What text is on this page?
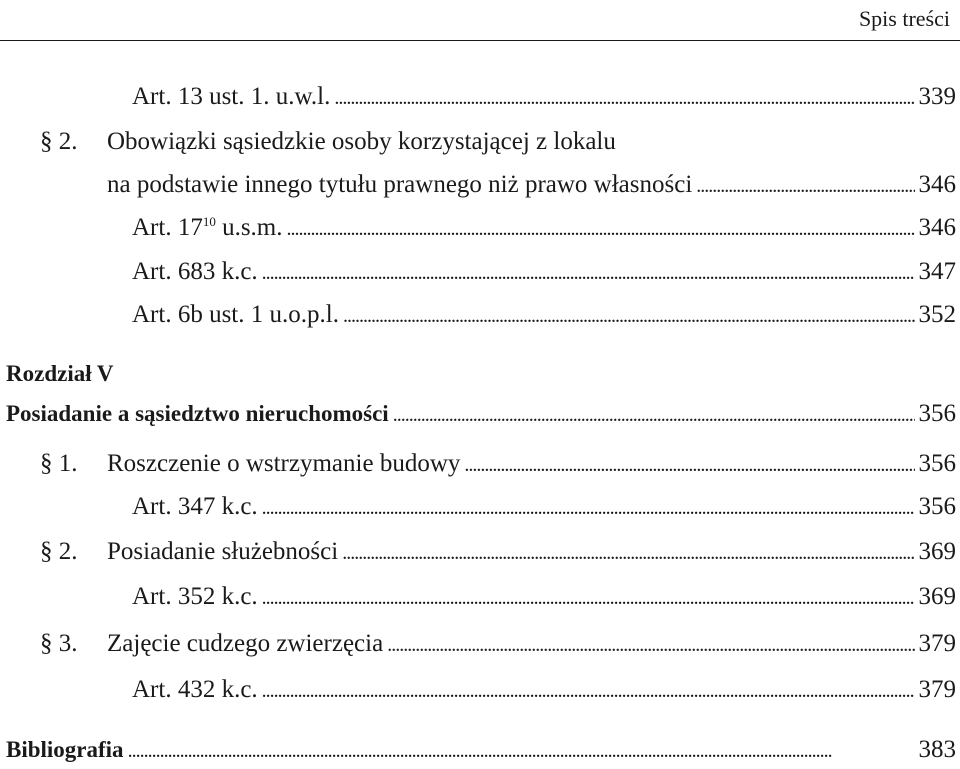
Spis treści
Art. 13 ust. 1. u.w.l. . . .	339
§ 2. Obowiązki sąsiedzkie osoby korzystającej z lokalu
na podstawie innego tytułu prawnego niż prawo własności . . .	346
Art. $17^{10}$ u.s.m. . . .	346
Art. 683 k.c. . . .	347
Art. 6b ust. 1 u.o.p.l. . . .	352
Rozdział V
Posiadanie a sąsiedztwo nieruchomości . . .	356
§ 1. Roszczenie o wstrzymanie budowy . . .	356
Art. 347 k.c. . . .	356
§ 2. Posiadanie służebności . . .	369
Art. 352 k.c. . . .	369
§ 3. Zajęcie cudzego zwierzęcia . . .	379
Art. 432 k.c. . . .	379
Bibliografia . . .	383
